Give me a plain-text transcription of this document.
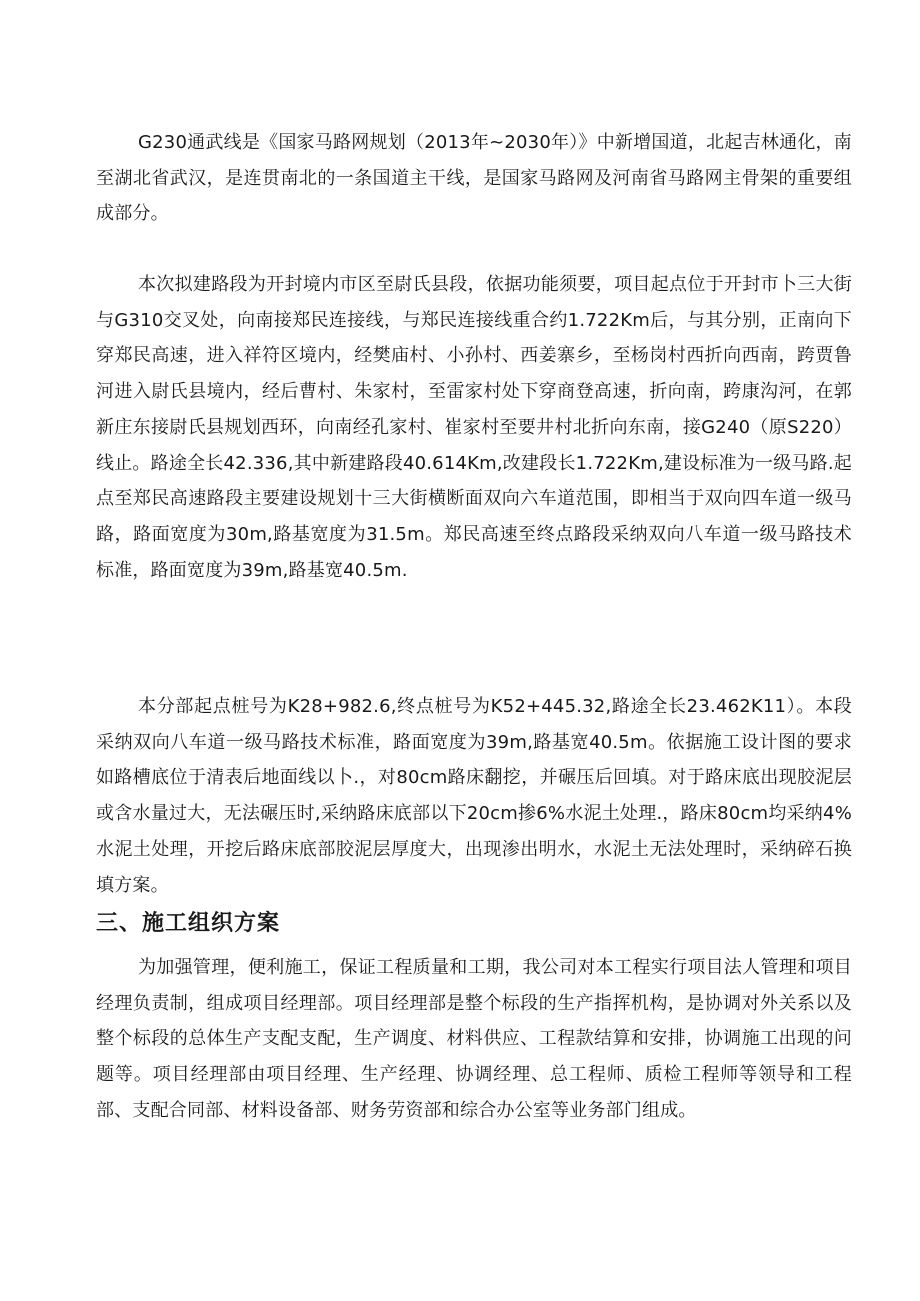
G230通武线是《国家马路网规划（2013年~2030年）》中新增国道，北起吉林通化，南至湖北省武汉，是连贯南北的一条国道主干线，是国家马路网及河南省马路网主骨架的重要组成部分。

本次拟建路段为开封境内市区至尉氏县段，依据功能须要，项目起点位于开封市卜三大街与G310交叉处，向南接郑民连接线，与郑民连接线重合约1.722Km后，与其分别，正南向下穿郑民高速，进入祥符区境内，经樊庙村、小孙村、西姜寨乡，至杨岗村西折向西南，跨贾鲁河进入尉氏县境内，经后曹村、朱家村，至雷家村处下穿商登高速，折向南，跨康沟河，在郭新庄东接尉氏县规划西环，向南经孔家村、崔家村至要井村北折向东南，接G240（原S220）线止。路途全长42.336,其中新建路段40.614Km,改建段长1.722Km,建设标准为一级马路.起点至郑民高速路段主要建设规划十三大街横断面双向六车道范围，即相当于双向四车道一级马路，路面宽度为30m,路基宽度为31.5m。郑民高速至终点路段采纳双向八车道一级马路技术标准，路面宽度为39m,路基宽40.5m.

本分部起点桩号为K28+982.6,终点桩号为K52+445.32,路途全长23.462K11）。本段采纳双向八车道一级马路技术标准，路面宽度为39m,路基宽40.5m。依据施工设计图的要求如路槽底位于清表后地面线以卜.，对80cm路床翻挖，并碾压后回填。对于路床底出现胶泥层或含水量过大，无法碾压时,采纳路床底部以下20cm掺6%水泥土处理.，路床80cm均采纳4%水泥土处理，开挖后路床底部胶泥层厚度大，出现渗出明水，水泥土无法处理时，采纳碎石换填方案。

三、施工组织方案

为加强管理，便利施工，保证工程质量和工期，我公司对本工程实行项目法人管理和项目经理负责制，组成项目经理部。项目经理部是整个标段的生产指挥机构，是协调对外关系以及整个标段的总体生产支配支配，生产调度、材料供应、工程款结算和安排，协调施工出现的问题等。项目经理部由项目经理、生产经理、协调经理、总工程师、质检工程师等领导和工程部、支配合同部、材料设备部、财务劳资部和综合办公室等业务部门组成。
